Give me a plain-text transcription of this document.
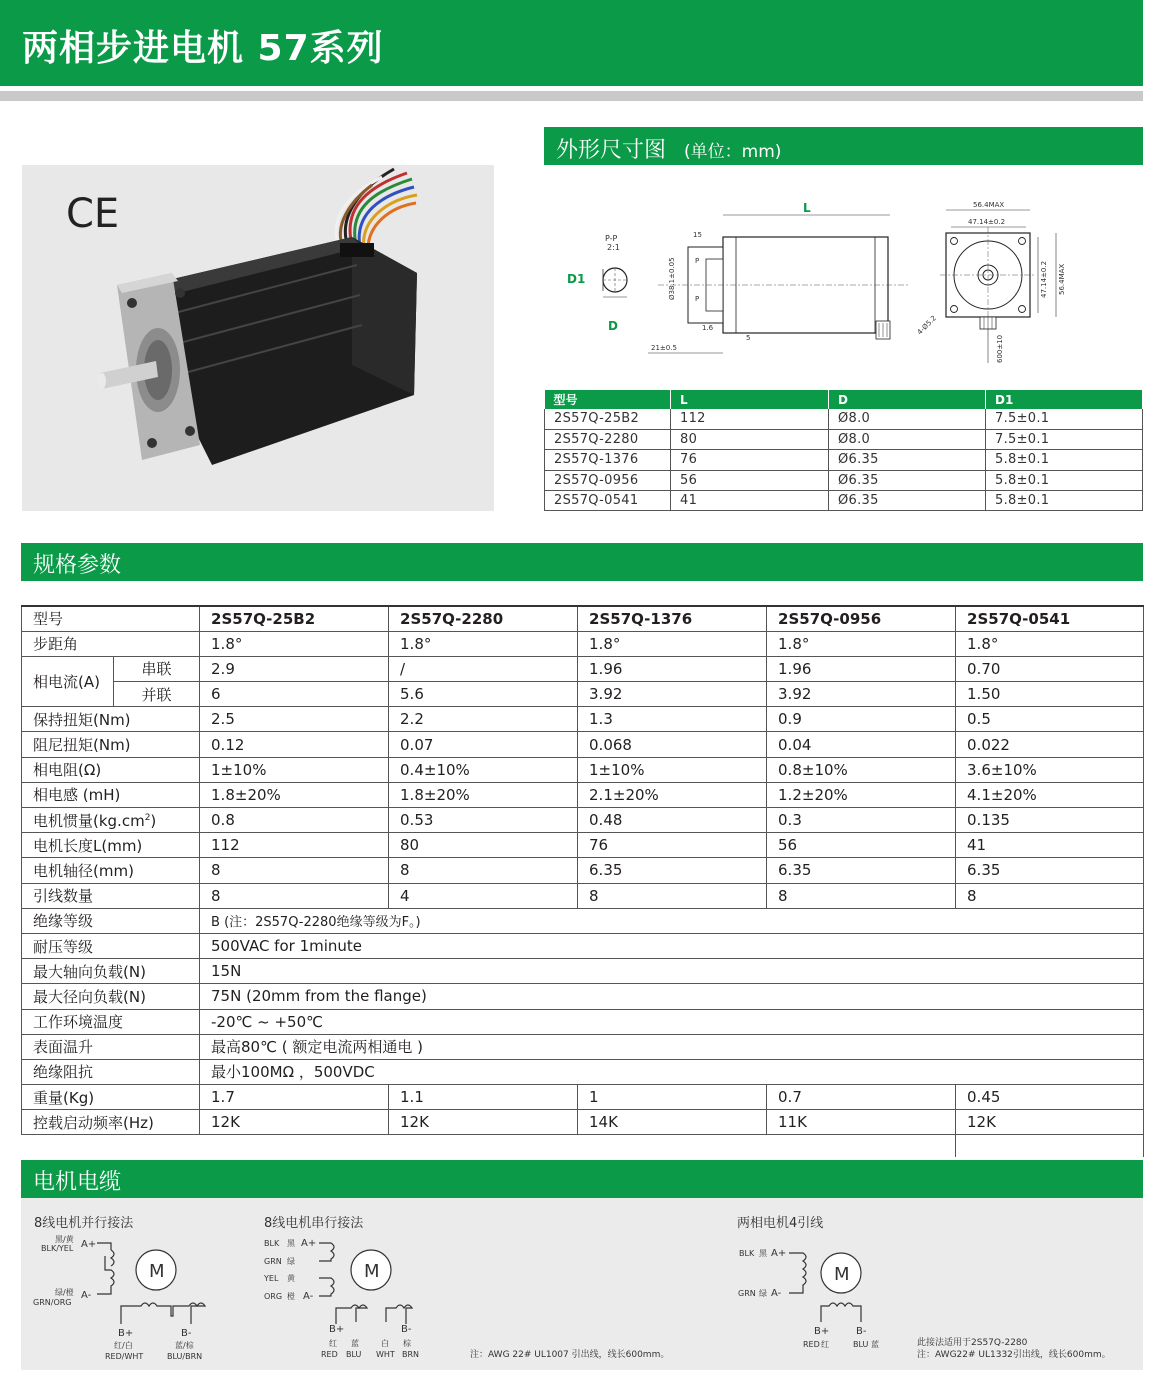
两相步进电机 57系列
CE
外形尺寸图 (单位：mm)
P-P
2:1
D1
D
L
15
P
P
Ø38.1±0.05
1.6
5
21±0.5
56.4MAX
47.14±0.2
600±10
47.14±0.2 56.4MAX
4-Ø5.2
型号	L	D	D1
2S57Q-25B2	112	Ø8.0	7.5±0.1
2S57Q-2280	80	Ø8.0	7.5±0.1
2S57Q-1376	76	Ø6.35	5.8±0.1
2S57Q-0956	56	Ø6.35	5.8±0.1
2S57Q-0541	41	Ø6.35	5.8±0.1
规格参数
型号		2S57Q-25B2	2S57Q-2280	2S57Q-1376	2S57Q-0956	2S57Q-0541
步距角		1.8°	1.8°	1.8°	1.8°	1.8°
相电流(A)	串联	2.9	/	1.96	1.96	0.70
	并联	6	5.6	3.92	3.92	1.50
保持扭矩(Nm)		2.5	2.2	1.3	0.9	0.5
阻尼扭矩(Nm)		0.12	0.07	0.068	0.04	0.022
相电阻(Ω)		1±10%	0.4±10%	1±10%	0.8±10%	3.6±10%
相电感 (mH)		1.8±20%	1.8±20%	2.1±20%	1.2±20%	4.1±20%
电机惯量$(kg.cm^2)$		0.8	0.53	0.48	0.3	0.135
电机长度L(mm)		112	80	76	56	41
电机轴径(mm)		8	8	6.35	6.35	6.35
引线数量		8	4	8	8	8
绝缘等级		B (注：2S57Q-2280绝缘等级为F。)				
耐压等级		500VAC for 1minute				
最大轴向负载(N)		15N				
最大径向负载(N)		75N (20mm from the flange)				
工作环境温度		-20℃ ~ +50℃				
表面温升		最高80℃ ( 额定电流两相通电 )				
绝缘阻抗		最小100MΩ ，500VDC				
重量(Kg)		1.7	1.1	1	0.7	0.45
控载启动频率(Hz)		12K	12K	14K	11K	12K

电机电缆
8线电机并行接法	8线电机串行接法	两相电机4引线
黑/黄
BLK/YEL A+
绿/橙
GRN/ORG
A-
M
B+
红/白
RED/WHT
B-
蓝/棕
BLU/BRN
BLK 黑 A+
GRN 绿
YEL 黄
ORG 橙 A-
M
B+	B-
红 蓝	白 棕
RED BLU WHT BRN	注：AWG 22# UL1007 引出线，线长600mm。
BLK 黑 A+
GRN 绿 A-
M
B+	B-
RED 红	BLU 蓝	此接法适用于2S57Q-2280
注：AWG22# UL1332引出线，线长600mm。
